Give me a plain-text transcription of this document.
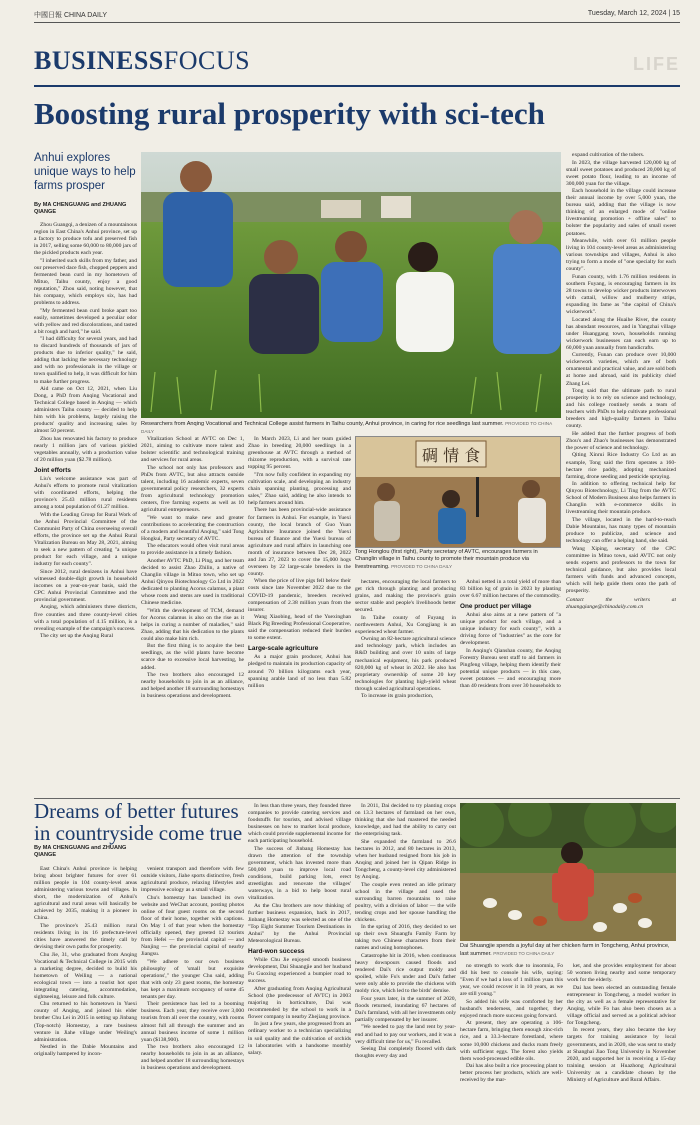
中國日報 CHINA DAILY	Tuesday, March 12, 2024 | 15
BUSINESSFOCUS	LIFE
Boosting rural prosperity with sci-tech
Anhui explores unique ways to help farms prosper
By MA CHENGUANG and ZHUANG QIANGE
Researchers from Anqing Vocational and Technical College assist farmers in Taihu county, Anhui province, in caring for rice seedlings last summer. PROVIDED TO CHINA DAILY

Zhou Guangqi, a denizen of a mountainous region in East China's Anhui province, set up a factory to produce tofu and preserved fish in 2017, selling some 60,000 to 80,000 jars of the pickled products each year.

"I inherited such skills from my father, and our preserved dace fish, chopped peppers and fermented bean curd in my hometown of Mituo, Taihu county, enjoy a good reputation," Zhou said, noting however, that his company, which employs six, has had problems to address.

"My fermented bean curd broke apart too easily, sometimes developed a peculiar odor with yellow and red discolorations, and tasted a bit rough and hard," he said.

"I had difficulty for several years, and had to discard hundreds of thousands of jars of products due to inferior quality," he said, adding that lacking the necessary technology and with no professionals in the village or town qualified to help, it was difficult for him to make further progress.

Aid came on Oct 12, 2021, when Liu Dong, a PhD from Anqing Vocational and Technical College based in Anqing — which administers Taihu county — decided to help him with his problems, largely raising the products' quality and increasing sales by almost 50 percent.

Zhou has renovated his factory to produce nearly 1 million jars of various pickled vegetables annually, with a production value of 20 million yuan ($2.78 million).

Joint efforts

Liu's welcome assistance was part of Anhui's efforts to promote rural vitalization with coordinated efforts, helping the province's 25.43 million rural residents among a total population of 61.27 million.

With the Leading Group for Rural Work of the Anhui Provincial Committee of the Communist Party of China overseeing overall efforts, the province set up the Anhui Rural Vitalization Bureau on May 28, 2021, aiming to seek a new pattern of creating "a unique product for each village, and a unique industry for each county".

Since 2012, rural denizens in Anhui have witnessed double-digit growth in household incomes on a year-on-year basis, said the CPC Anhui Provincial Committee and the provincial government.

Anqing, which administers three districts, five counties and three county-level cities with a total population of 4.15 million, is a revealing example of the campaign's success.

The city set up the Anqing Rural

Vitalization School at AVTC on Dec 1, 2021, aiming to cultivate more talent and bolster scientific and technological training and services for rural areas.

The school not only has professors and PhDs from AVTC, but also attracts outside talent, including 16 academic experts, seven governmental policy researchers, 32 experts from agricultural technology promotion centers, five farming experts as well as 10 agricultural entrepreneurs.

"We want to make new and greater contributions to accelerating the construction of a modern and beautiful Anqing," said Tong Hongkui, Party secretary of AVTC.

The educators would often visit rural areas to provide assistance in a timely fashion.

Another AVTC PhD, Li Ping, and her team decided to assist Zhao Zhilin, a native of Changlin village in Mituo town, who set up Anhui Qinyou Biotechnology Co Ltd in 2022 dedicated to planting Acorus calamus, a plant whose roots and stems are used in traditional Chinese medicine.

"With the development of TCM, demand for Acorus calamus is also on the rise as it helps in curing a number of maladies," said Zhao, adding that his dedication to the plants could also make him rich.

But the first thing is to acquire the best seedlings, as the wild plants have become scarce due to excessive local harvesting, he added.

The two brothers also encouraged 12 nearby households to join in as an alliance, and helped another 18 surrounding homestays in business operations and development.

In March 2023, Li and her team guided Zhao in breeding 20,000 seedlings in a greenhouse at AVTC through a method of rhizome reproduction, with a survival rate topping 95 percent.

"I'm now fully confident in expanding my cultivation scale, and developing an industry chain spanning planting, processing and sales," Zhao said, adding he also intends to help farmers around him.

There has been provincial-wide assistance for farmers in Anhui. For example, in Yuexi county, the local branch of Guo Yuan Agriculture Insurance joined the Yuexi bureau of finance and the Yuexi bureau of agriculture and rural affairs in launching one month of insurance between Dec 28, 2022 and Jan 27, 2023 to cover the 15,000 hogs overseen by 22 large-scale breeders in the county.

When the price of live pigs fell below their costs since late November 2022 due to the COVID-19 pandemic, breeders received compensation of 2.38 million yuan from the insurer.

Wang Xiaobing, head of the Yuexinghan Black Pig Breeding Professional Cooperative, said the compensation reduced their burden to some extent.

Large-scale agriculture

As a major grain producer, Anhui has pledged to maintain its production capacity of around 70 billion kilograms each year, spanning arable land of no less than 5.82 million

碉 情 食
Tong Honglou (first right), Party secretary of AVTC, encourages farmers in Changlin village in Taihu county to promote their mountain produce via livestreaming. PROVIDED TO CHINA DAILY

hectares, encouraging the local farmers to get rich through planting and producing grains, and making the province's grain sector stable and people's livelihoods better secured.

In Taihe county of Fuyang in northwestern Anhui, Xu Congjiang is an experienced wheat farmer.

Owning an 82-hectare agricultural science and technology park, which includes an R&D building and over 10 units of large mechanical equipment, his park produced 820,000 kg of wheat in 2022. He also has proprietary ownership of some 20 key technologies for planting high-yield wheat through scaled agricultural operations.

To increase its grain production,

Anhui netted in a total yield of more than 83 billion kg of grain in 2023 by planting over 6.67 million hectares of the commodity.

One product per village

Anhui also aims at a new pattern of "a unique product for each village, and a unique industry for each county", with a driving force of "industries" as the core for development.

In Anqing's Qianshan county, the Anqing Forestry Bureau sent staff to aid farmers in Pingfeng village, helping them identify their potential unique products — in this case, sweet potatoes — and encouraging more than 40 residents from over 30 households to

expand cultivation of the tubers.

In 2023, the village harvested 120,000 kg of small sweet potatoes and produced 20,000 kg of sweet potato flour, leading to an income of 300,000 yuan for the village.

Each household in the village could increase their annual income by over 5,000 yuan, the bureau said, adding that the village is now thinking of an enlarged mode of "online livestreaming promotion + offline sales" to bolster the popularity and sales of small sweet potatoes.

Meanwhile, with over 61 million people living in 104 county-level areas as administering various townships and villages, Anhui is also trying to form a mode of "one specialty for each county".

Funan county, with 1.76 million residents in southern Fuyang, is encouraging farmers in its 28 towns to develop wicker products interwoven with cattail, willow and mulberry strips, expanding its fame as "the capital of China's wickerwork".

Located along the Huaihe River, the county has abundant resources, and in Yangzhai village under Huanggang town, households running wickerwork businesses can each earn up to 60,000 yuan annually from handicrafts.

Currently, Funan can produce over 10,000 wickerwork varieties, which are of both ornamental and practical value, and are sold both at home and abroad, said its publicity chief Zhang Lei.

Tong said that the ultimate path to rural prosperity is to rely on science and technology, and his college routinely sends a team of teachers with PhDs to help cultivate professional breeders and high-quality farmers in Taihu county.

He added that the further progress of both Zhou's and Zhao's businesses has demonstrated the power of science and technology.

Qiting Xinrui Rice Industry Co Ltd as an example, Tong said the firm operates a 160-hectare rice paddy, adopting mechanized farming, drone seeding and pesticide spraying.

In addition to offering technical help for Qinyou Biotechnology, Li Ting from the AVTC School of Modern Business also helps farmers in Changlin with e-commerce skills in livestreaming their mountain produce.

The village, located in the hard-to-reach Dabie Mountains, has many types of mountain produce to publicize, and science and technology can offer a helping hand, she said.

Wang Xiping, secretary of the CPC committee in Mituo town, said AVTC not only sends experts and professors to the town for technical guidance, but also provides local farmers with funds and advanced concepts, which will help guide them onto the path of prosperity.

Contact the writers at zhuangqiange@chinadaily.com.cn

Dreams of better futures in countryside come true
By MA CHENGUANG and ZHUANG QIANGE

East China's Anhui province is helping bring about brighter futures for over 61 million people in 104 county-level areas administering various towns and villages. In short, the modernization of Anhui's agricultural and rural areas will basically be achieved by 2035, making it a pioneer in China.

The province's 25.43 million rural residents living in its 16 prefecture-level cities have answered the timely call by devising their own paths for prosperity.

Chu Jie, 31, who graduated from Anqing Vocational & Technical College in 2015 with a marketing degree, decided to build his hometown of Weiling — a national ecological town — into a tourist hot spot integrating catering, accommodation, sightseeing, leisure and folk culture.

Chu returned to his hometown in Yuexi county of Anqing, and joined his elder brother Chu Lei in 2015 in setting up Jinbang (Top-notch) Homestay, a rare business venture in Jiahe village under Weiling's administration.

Nestled in the Dabie Mountains and originally hampered by incon-

venient transport and therefore with few outside visitors, Jiahe sports distinctive, fresh agricultural produce, relaxing lifestyles and impressive ecology as a small village.

Chu's homestay has launched its own website and WeChat account, posting photos online of four guest rooms on the second floor of their home, together with captions. On May 1 of that year when the homestay officially opened, they greeted 12 tourists from Hefei — the provincial capital — and Nanjing — the provincial capital of nearby Jiangsu.

"We adhere to our own business philosophy of 'small but exquisite operations'," the younger Chu said, adding that with only 23 guest rooms, the homestay has kept a maximum occupancy of some 45 tenants per day.

Their persistence has led to a booming business. Each year, they receive over 3,000 tourists from all over the country, with rooms almost full all through the summer and an annual business income of some 1 million yuan ($138,900).

The two brothers also encouraged 12 nearby households to join in as an alliance, and helped another 18 surrounding homestays in business operations and development.

In less than three years, they founded three companies to provide catering services and foodstuffs for tourists, and advised village businesses on how to market local produce, which could provide supplemental income for each participating household.

The success of Jinbang Homestay has drawn the attention of the township government, which has invested more than 500,000 yuan to improve local road conditions, build parking lots, erect streetlights and renovate the villages' waterways, in a bid to help boost rural vitalization.

As the Chu brothers are now thinking of further business expansion, back in 2017, Jinbang Homestay was selected as one of the "Top Eight Summer Tourism Destinations in Anhui" by the Anhui Provincial Meteorological Bureau.

Hard-won success

While Chu Jie enjoyed smooth business development, Dai Shuangjie and her husband Fu Guoxing experienced a bumpier road to success.

After graduating from Anqing Agricultural School (the predecessor of AVTC) in 2003 majoring in horticulture, Dai was recommended by the school to work in a flower company in nearby Zhejiang province.

In just a few years, she progressed from an ordinary worker to a technician specializing in soil quality and the cultivation of orchids in laboratories with a handsome monthly salary.

In 2011, Dai decided to try planting crops on 13.3 hectares of farmland on her own, thinking that she had mastered the needed knowledge, and had the ability to carry out the enterprising task.

She expanded the farmland to 26.6 hectares in 2012, and 80 hectares in 2013, when her husband resigned from his job in Anqing and joined her in Qipan Ridge in Tongcheng, a county-level city administered by Anqing.

The couple even rented an idle primary school in the village and used the surrounding barren mountains to raise poultry, with a division of labor — the wife tending crops and her spouse handling the chickens.

In the spring of 2016, they decided to set up their own Shuangfu Family Farm by taking two Chinese characters from their names and using homophones.

Catastrophe hit in 2016, when continuous heavy downpours caused floods and rendered Dai's rice output moldy and spoiled, while Fu's under and Dai's father were only able to provide the chickens with moldy rice, which led to the birds' demise.

Four years later, in the summer of 2020, floods returned, inundating 67 hectares of Dai's farmland, with all her investments only partially compensated by her insurer.

"We needed to pay the land rent by year-end and had to pay our workers, and it was a very difficult time for us," Fu recalled.

Seeing Dai completely floored with dark thoughts every day and

Dai Shuangjie spends a joyful day at her chicken farm in Tongcheng, Anhui province, last summer. PROVIDED TO CHINA DAILY

no strength to work due to insomnia, Fo did his best to console his wife, saying: "Even if we had a loss of 1 million yuan this year, we could recover it in 10 years, as we are still young."

So added his wife was comforted by her husband's tenderness, and together, they enjoyed much more success going forward.

At present, they are operating a 106-hectare farm, bringing them enough zinc-rich rice, and a 33.3-hectare forestland, where some 10,000 chickens and ducks roam freely with sufficient eggs. The forest also yields them wood-processed edible oils.

Dai has also built a rice processing plant to better process her products, which are well-received by the mar-

ket, and she provides employment for about 50 women living nearby and some temporary work for the elderly.

Dai has been elected an outstanding female entrepreneur in Tongcheng, a model worker in the city as well as a female representative for Anqing, while Fo has also been chosen as a village official and served as a political advisor for Tongcheng.

In recent years, they also became the key targets for training assistance by local governments, and in 2020, she was sent to study at Shanghai Jiao Tong University in November 2020, and supported her in receiving a 15-day training session at Huazhong Agricultural University as a candidate chosen by the Ministry of Agriculture and Rural Affairs.
